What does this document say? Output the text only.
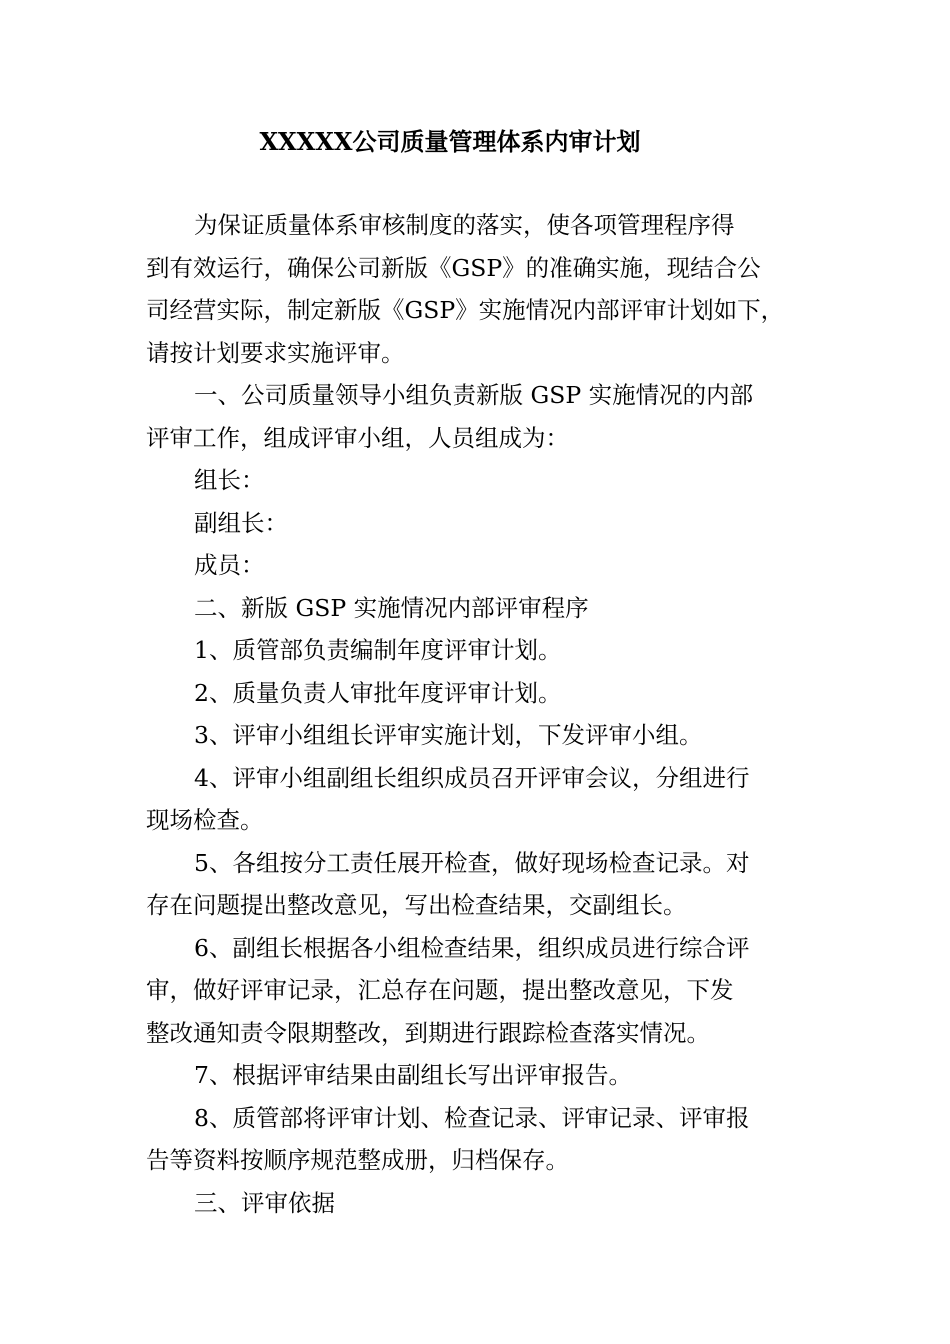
XXXXX公司质量管理体系内审计划
为保证质量体系审核制度的落实，使各项管理程序得
到有效运行，确保公司新版《GSP》的准确实施，现结合公
司经营实际，制定新版《GSP》实施情况内部评审计划如下，
请按计划要求实施评审。
一、公司质量领导小组负责新版 GSP 实施情况的内部
评审工作，组成评审小组，人员组成为：
组长：
副组长：
成员：
二、新版 GSP 实施情况内部评审程序
1、质管部负责编制年度评审计划。
2、质量负责人审批年度评审计划。
3、评审小组组长评审实施计划，下发评审小组。
4、评审小组副组长组织成员召开评审会议，分组进行
现场检查。
5、各组按分工责任展开检查，做好现场检查记录。对
存在问题提出整改意见，写出检查结果，交副组长。
6、副组长根据各小组检查结果，组织成员进行综合评
审，做好评审记录，汇总存在问题，提出整改意见，下发
整改通知责令限期整改，到期进行跟踪检查落实情况。
7、根据评审结果由副组长写出评审报告。
8、质管部将评审计划、检查记录、评审记录、评审报
告等资料按顺序规范整成册，归档保存。
三、评审依据
